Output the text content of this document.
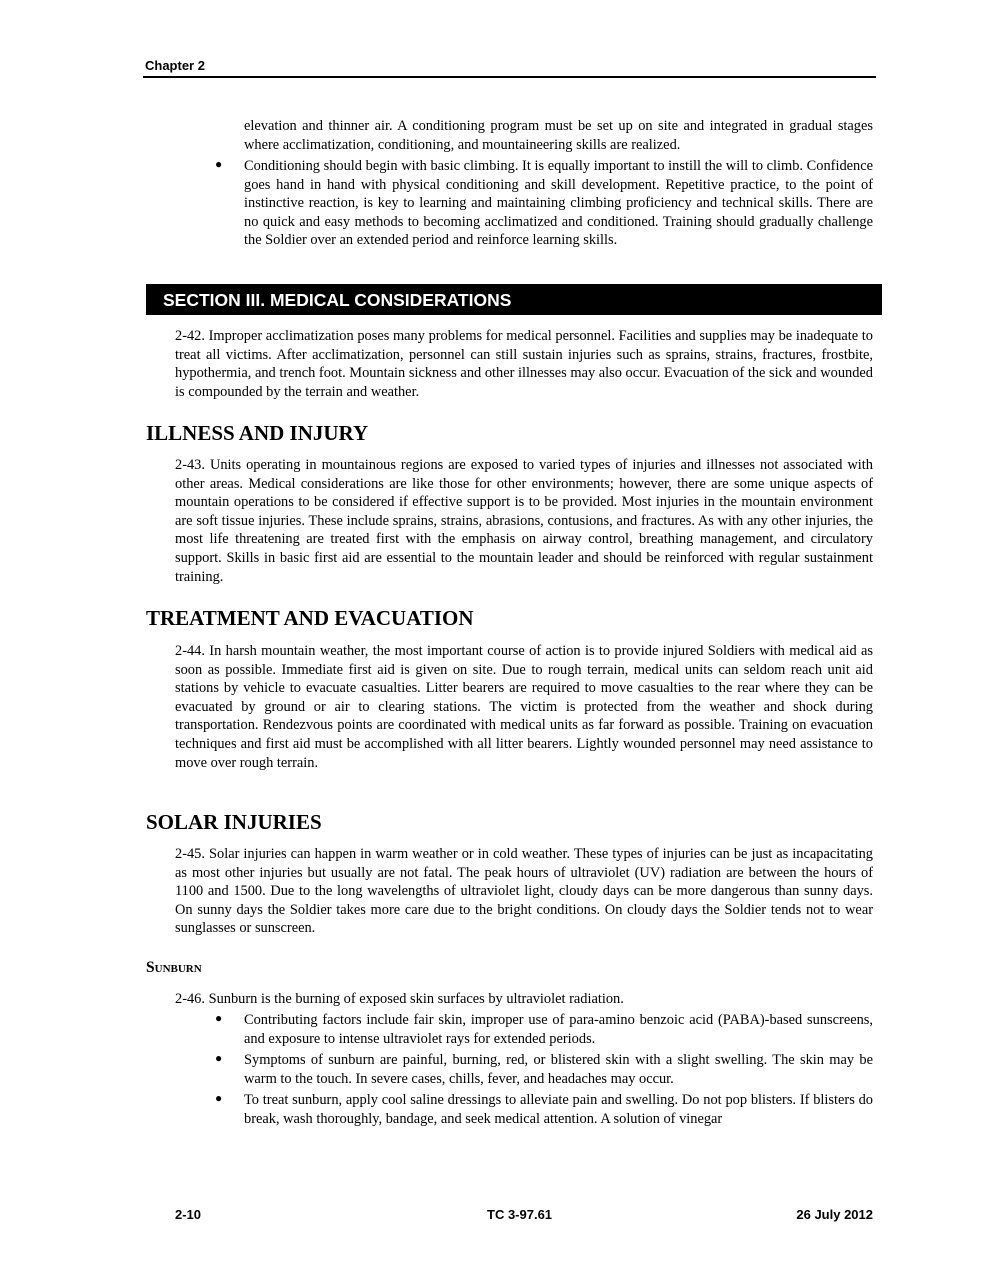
Chapter 2

elevation and thinner air. A conditioning program must be set up on site and integrated in gradual stages where acclimatization, conditioning, and mountaineering skills are realized.

● Conditioning should begin with basic climbing. It is equally important to instill the will to climb. Confidence goes hand in hand with physical conditioning and skill development. Repetitive practice, to the point of instinctive reaction, is key to learning and maintaining climbing proficiency and technical skills. There are no quick and easy methods to becoming acclimatized and conditioned. Training should gradually challenge the Soldier over an extended period and reinforce learning skills.

SECTION III. MEDICAL CONSIDERATIONS

2-42. Improper acclimatization poses many problems for medical personnel. Facilities and supplies may be inadequate to treat all victims. After acclimatization, personnel can still sustain injuries such as sprains, strains, fractures, frostbite, hypothermia, and trench foot. Mountain sickness and other illnesses may also occur. Evacuation of the sick and wounded is compounded by the terrain and weather.

ILLNESS AND INJURY

2-43. Units operating in mountainous regions are exposed to varied types of injuries and illnesses not associated with other areas. Medical considerations are like those for other environments; however, there are some unique aspects of mountain operations to be considered if effective support is to be provided. Most injuries in the mountain environment are soft tissue injuries. These include sprains, strains, abrasions, contusions, and fractures. As with any other injuries, the most life threatening are treated first with the emphasis on airway control, breathing management, and circulatory support. Skills in basic first aid are essential to the mountain leader and should be reinforced with regular sustainment training.

TREATMENT AND EVACUATION

2-44. In harsh mountain weather, the most important course of action is to provide injured Soldiers with medical aid as soon as possible. Immediate first aid is given on site. Due to rough terrain, medical units can seldom reach unit aid stations by vehicle to evacuate casualties. Litter bearers are required to move casualties to the rear where they can be evacuated by ground or air to clearing stations. The victim is protected from the weather and shock during transportation. Rendezvous points are coordinated with medical units as far forward as possible. Training on evacuation techniques and first aid must be accomplished with all litter bearers. Lightly wounded personnel may need assistance to move over rough terrain.

SOLAR INJURIES

2-45. Solar injuries can happen in warm weather or in cold weather. These types of injuries can be just as incapacitating as most other injuries but usually are not fatal. The peak hours of ultraviolet (UV) radiation are between the hours of 1100 and 1500. Due to the long wavelengths of ultraviolet light, cloudy days can be more dangerous than sunny days. On sunny days the Soldier takes more care due to the bright conditions. On cloudy days the Soldier tends not to wear sunglasses or sunscreen.

Sunburn

2-46. Sunburn is the burning of exposed skin surfaces by ultraviolet radiation.

● Contributing factors include fair skin, improper use of para-amino benzoic acid (PABA)-based sunscreens, and exposure to intense ultraviolet rays for extended periods.

● Symptoms of sunburn are painful, burning, red, or blistered skin with a slight swelling. The skin may be warm to the touch. In severe cases, chills, fever, and headaches may occur.

● To treat sunburn, apply cool saline dressings to alleviate pain and swelling. Do not pop blisters. If blisters do break, wash thoroughly, bandage, and seek medical attention. A solution of vinegar

2-10	TC 3-97.61	26 July 2012
